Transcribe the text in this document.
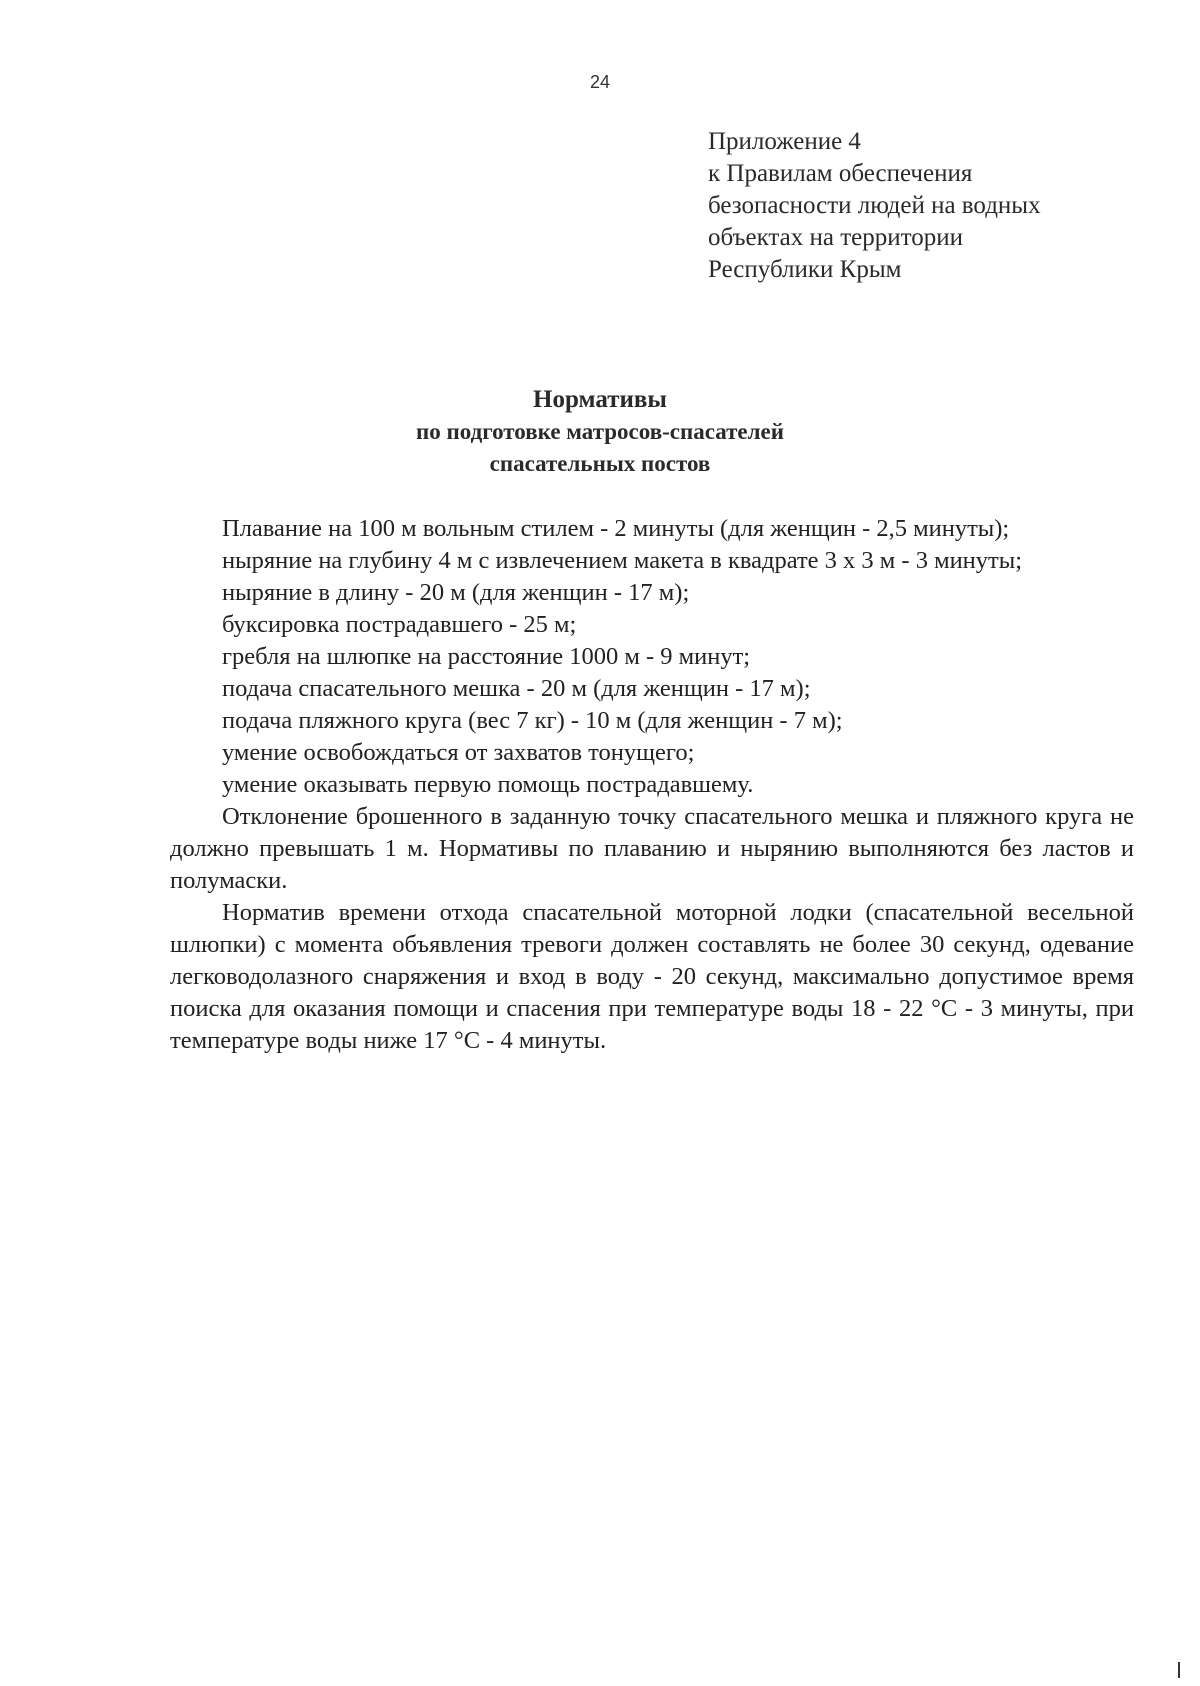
24
Приложение 4
к Правилам обеспечения
безопасности людей на водных
объектах на территории
Республики Крым
Нормативы
по подготовке матросов-спасателей
спасательных постов

Плавание на 100 м вольным стилем - 2 минуты (для женщин - 2,5 минуты);

ныряние на глубину 4 м с извлечением макета в квадрате 3 х 3 м - 3 минуты;

ныряние в длину - 20 м (для женщин - 17 м);

буксировка пострадавшего - 25 м;

гребля на шлюпке на расстояние 1000 м - 9 минут;

подача спасательного мешка - 20 м (для женщин - 17 м);

подача пляжного круга (вес 7 кг) - 10 м (для женщин - 7 м);

умение освобождаться от захватов тонущего;

умение оказывать первую помощь пострадавшему.

Отклонение брошенного в заданную точку спасательного мешка и пляжного круга не должно превышать 1 м. Нормативы по плаванию и нырянию выполняются без ластов и полумаски.

Норматив времени отхода спасательной моторной лодки (спасательной весельной шлюпки) с момента объявления тревоги должен составлять не более 30 секунд, одевание легководолазного снаряжения и вход в воду - 20 секунд, максимально допустимое время поиска для оказания помощи и спасения при температуре воды 18 - 22 °С - 3 минуты, при температуре воды ниже 17 °С - 4 минуты.
